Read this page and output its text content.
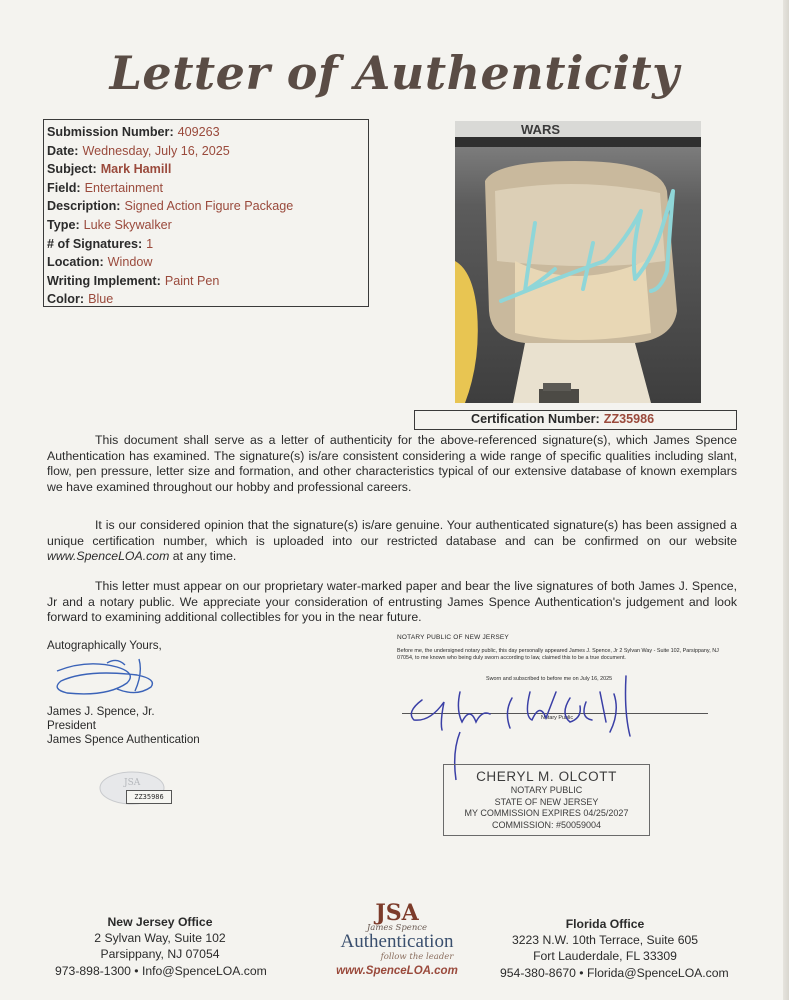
Letter of Authenticity
Submission Number: 409263
Date: Wednesday, July 16, 2025
Subject: Mark Hamill
Field: Entertainment
Description: Signed Action Figure Package
Type: Luke Skywalker
# of Signatures: 1
Location: Window
Writing Implement: Paint Pen
Color: Blue
WARS
Certification Number: ZZ35986
This document shall serve as a letter of authenticity for the above-referenced signature(s), which James Spence Authentication has examined. The signature(s) is/are consistent considering a wide range of specific qualities including slant, flow, pen pressure, letter size and formation, and other characteristics typical of our extensive database of known exemplars we have examined throughout our hobby and professional careers.
It is our considered opinion that the signature(s) is/are genuine. Your authenticated signature(s) has been assigned a unique certification number, which is uploaded into our restricted database and can be confirmed on our website www.SpenceLOA.com at any time.
This letter must appear on our proprietary water-marked paper and bear the live signatures of both James J. Spence, Jr and a notary public. We appreciate your consideration of entrusting James Spence Authentication's judgement and look forward to examining additional collectibles for you in the near future.
Autographically Yours,
James J. Spence, Jr.
President
James Spence Authentication
JSA
ZZ35986
NOTARY PUBLIC OF NEW JERSEY
Before me, the undersigned notary public, this day personally appeared James J. Spence, Jr 2 Sylvan Way - Suite 102, Parsippany, NJ 07054, to me known who being duly sworn according to law, claimed this to be a true document.
Sworn and subscribed to before me on July 16, 2025
Notary Public
CHERYL M. OLCOTT
NOTARY PUBLIC
STATE OF NEW JERSEY
MY COMMISSION EXPIRES 04/25/2027
COMMISSION: #50059004
New Jersey Office
2 Sylvan Way, Suite 102
Parsippany, NJ 07054
973-898-1300 • Info@SpenceLOA.com
JSA
James Spence
Authentication
follow the leader
www.SpenceLOA.com
Florida Office
3223 N.W. 10th Terrace, Suite 605
Fort Lauderdale, FL 33309
954-380-8670 • Florida@SpenceLOA.com
